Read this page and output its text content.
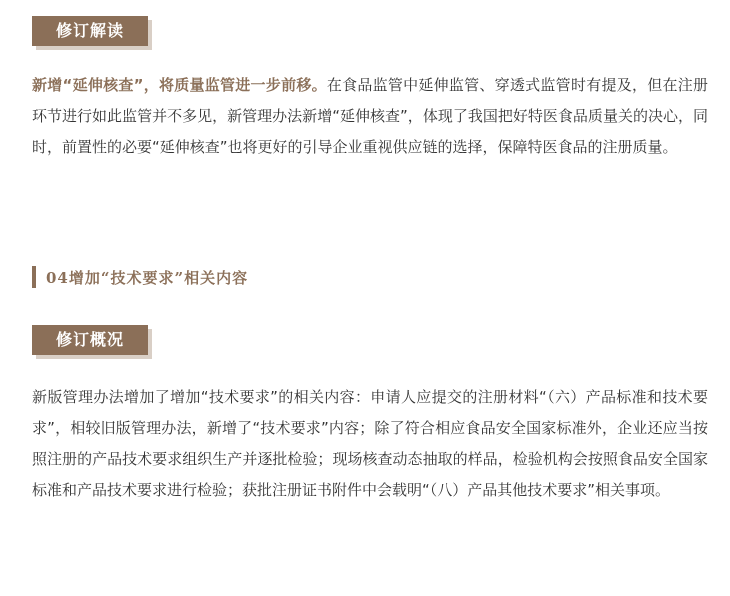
修订解读

新增“延伸核查”，将质量监管进一步前移。在食品监管中延伸监管、穿透式监管时有提及，但在注册环节进行如此监管并不多见，新管理办法新增“延伸核查”，体现了我国把好特医食品质量关的决心，同时，前置性的必要“延伸核查”也将更好的引导企业重视供应链的选择，保障特医食品的注册质量。

04增加“技术要求”相关内容
修订概况

新版管理办法增加了增加“技术要求”的相关内容：申请人应提交的注册材料“（六）产品标准和技术要求”，相较旧版管理办法，新增了“技术要求”内容；除了符合相应食品安全国家标准外，企业还应当按照注册的产品技术要求组织生产并逐批检验；现场核查动态抽取的样品，检验机构会按照食品安全国家标准和产品技术要求进行检验；获批注册证书附件中会载明“（八）产品其他技术要求”相关事项。
